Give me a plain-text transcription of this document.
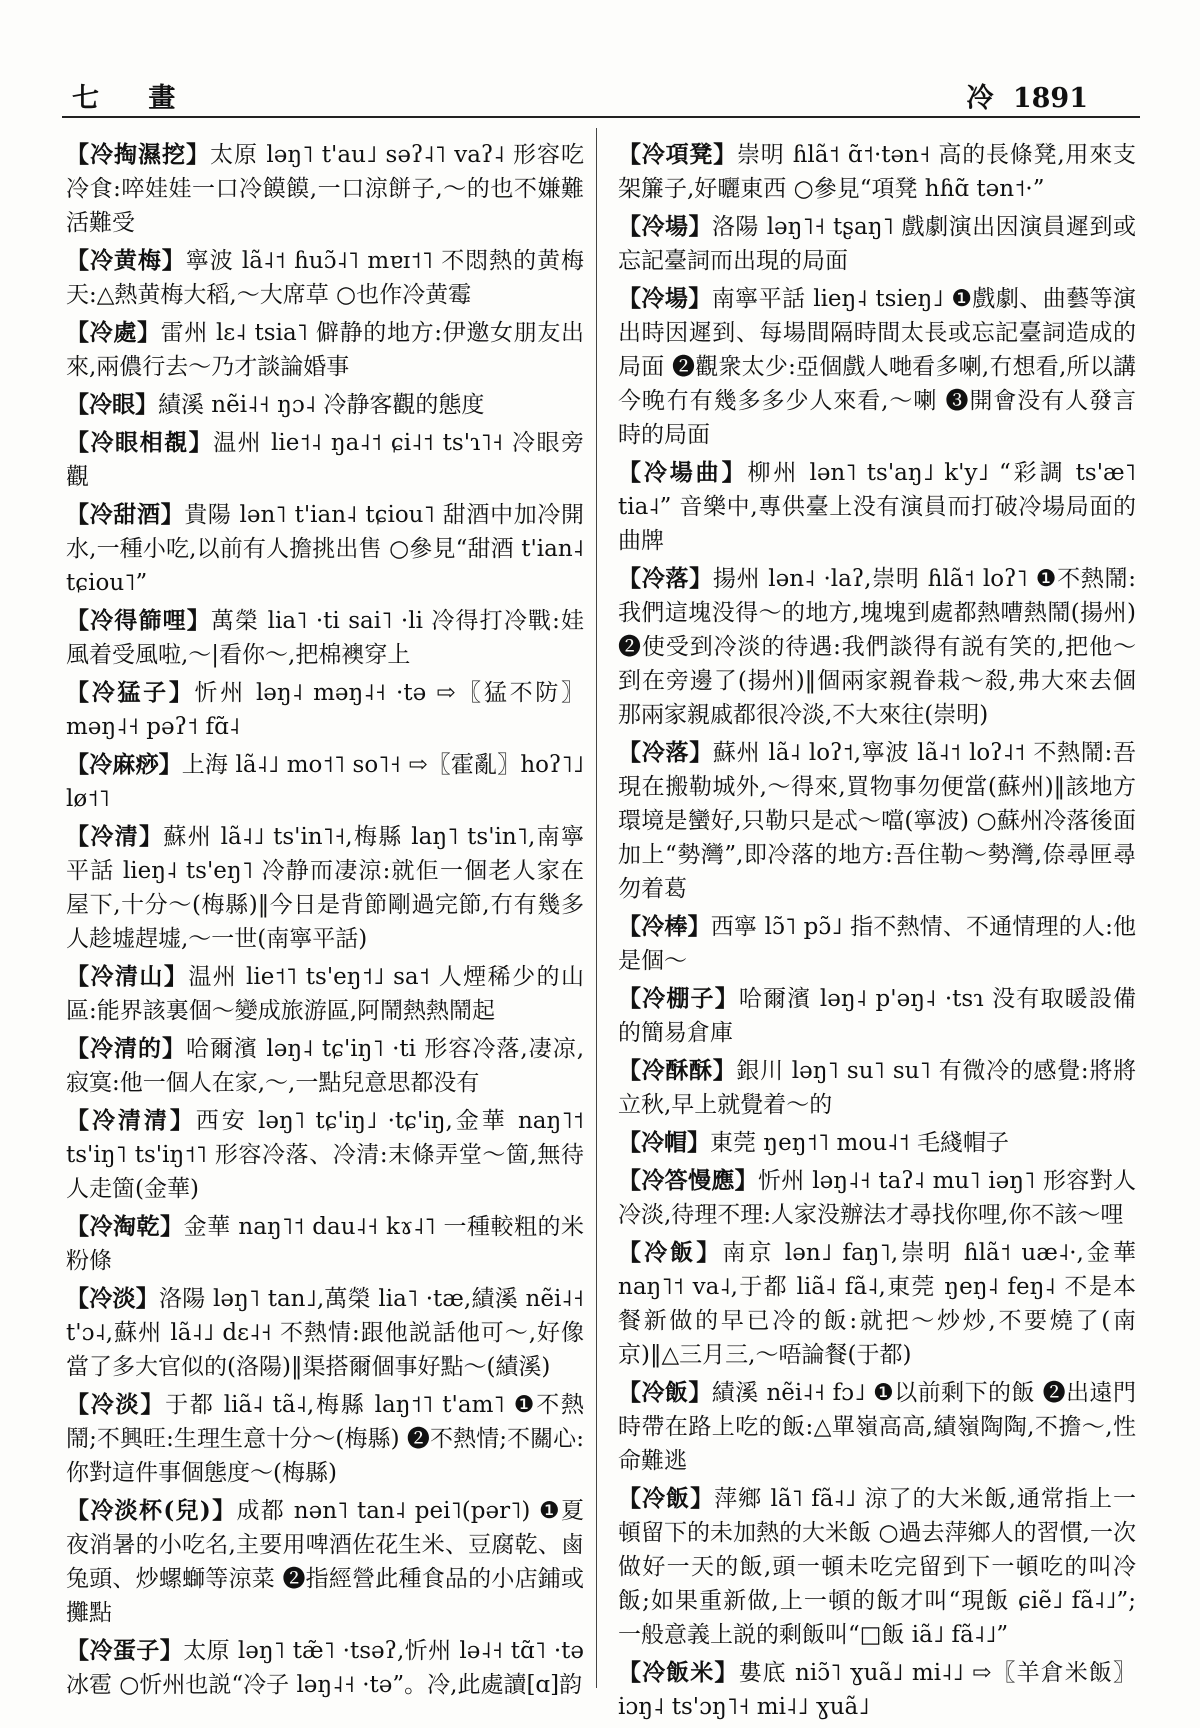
七 畫	冷 1891

【冷掏濕挖】太原 ləŋ˥ t'au˩ səʔ˨˥ vaʔ˨ 形容吃冷食:啐娃娃一口冷饃饃,一口涼餅子,～的也不嫌難活難受

【冷黄梅】寧波 lã˨˦ ɦuɔ̃˨˥ mɐɪ˦˥ 不悶熱的黄梅天:△熱黄梅大稻,～大席草 ○也作冷黄霉

【冷處】雷州 lɛ˨ tsia˥ 僻静的地方:伊邀女朋友出來,兩儂行去～乃才談論婚事

【冷眼】績溪 nẽi˨˧ ŋɔ˨ 冷静客觀的態度

【冷眼相覩】温州 lie˦˨ ŋa˨˦ ɕi˨˦ ts'ɿ˥˧ 冷眼旁觀

【冷甜酒】貴陽 lən˥ t'ian˨ tɕiou˥ 甜酒中加冷開水,一種小吃,以前有人擔挑出售 ○參見“甜酒 t'ian˨ tɕiou˥”

【冷得篩哩】萬榮 lia˥ ·ti sai˥ ·li 冷得打冷戰:娃風着受風啦,～|看你～,把棉襖穿上

【冷猛子】忻州 ləŋ˨ məŋ˨˧ ·tə ⇨〖猛不防〗məŋ˨˧ pəʔ˦ fɑ̃˨

【冷麻痧】上海 lã˨˩ mo˦˥ so˥˧ ⇨〖霍亂〗hoʔ˥˩ lø˦˥

【冷清】蘇州 lã˨˩ ts'in˥˧,梅縣 laŋ˥ ts'in˥,南寧平話 lieŋ˨ ts'eŋ˥ 冷静而凄涼:就佢一個老人家在屋下,十分～(梅縣)‖今日是背節剛過完節,冇有幾多人趁墟趕墟,～一世(南寧平話)

【冷清山】温州 lie˦˥ ts'eŋ˦˩ sa˦ 人煙稀少的山區:能界該裏個～變成旅游區,阿鬧熱熱鬧起

【冷清的】哈爾濱 ləŋ˨ tɕ'iŋ˥ ·ti 形容冷落,凄凉,寂寞:他一個人在家,～,一點兒意思都没有

【冷清清】西安 ləŋ˥ tɕ'iŋ˩ ·tɕ'iŋ,金華 naŋ˥˦ ts'iŋ˥ ts'iŋ˦˥ 形容冷落、冷清:末條弄堂～箇,無待人走箇(金華)

【冷淘乾】金華 naŋ˥˦ dau˨˧ kɤ˨˥ 一種較粗的米粉條

【冷淡】洛陽 ləŋ˥ tan˩,萬榮 lia˥ ·tæ,績溪 nẽi˨˧ t'ɔ˨,蘇州 lã˨˩ dɛ˨˧ 不熱情:跟他説話他可～,好像當了多大官似的(洛陽)‖渠搭爾個事好點～(績溪)

【冷淡】于都 liã˨ tã˨,梅縣 laŋ˦˥ t'am˥ ❶不熱鬧;不興旺:生理生意十分～(梅縣) ❷不熱情;不關心:你對這件事個態度～(梅縣)

【冷淡杯(兒)】成都 nən˥ tan˨ pei˥(pər˥) ❶夏夜消暑的小吃名,主要用啤酒佐花生米、豆腐乾、鹵兔頭、炒螺螄等涼菜 ❷指經營此種食品的小店鋪或攤點

【冷蛋子】太原 ləŋ˥ tæ̃˥ ·tsəʔ,忻州 lə˨˧ tɑ̃˥ ·tə 冰雹 ○忻州也説“冷子 ləŋ˨˧ ·tə”。冷,此處讀[ɑ]韵

【冷項凳】崇明 ɦlã˦ ɑ̃˦·tən˧ 高的長條凳,用來支架簾子,好曬東西 ○參見“項凳 hɦɑ̃ tən˦·”

【冷場】洛陽 ləŋ˥˧ tʂaŋ˥ 戲劇演出因演員遲到或忘記臺詞而出現的局面

【冷場】南寧平話 lieŋ˨ tsieŋ˩ ❶戲劇、曲藝等演出時因遲到、每場間隔時間太長或忘記臺詞造成的局面 ❷觀衆太少:亞個戲人哋看多喇,冇想看,所以講今晚冇有幾多多少人來看,～喇 ❸開會没有人發言時的局面

【冷場曲】柳州 lən˥ ts'aŋ˩ k'y˩ “彩調 ts'æ˥ tia˨” 音樂中,專供臺上没有演員而打破冷場局面的曲牌

【冷落】揚州 lən˨ ·laʔ,崇明 ɦlã˦ loʔ˥ ❶不熱鬧:我們這塊没得～的地方,塊塊到處都熱嘈熱鬧(揚州) ❷使受到冷淡的待遇:我們談得有説有笑的,把他～到在旁邊了(揚州)‖個兩家親眷栽～殺,弗大來去個那兩家親戚都很冷淡,不大來往(崇明)

【冷落】蘇州 lã˨ loʔ˦,寧波 lã˨˦ loʔ˨˦ 不熱鬧:吾現在搬勒城外,～得來,買物事勿便當(蘇州)‖該地方環境是蠻好,只勒只是忒～噹(寧波) ○蘇州冷落後面加上“勢灣”,即冷落的地方:吾住勒～勢灣,倷尋匣尋勿着葛

【冷棒】西寧 lɔ̃˥ pɔ̃˩ 指不熱情、不通情理的人:他是個～

【冷棚子】哈爾濱 ləŋ˨ p'əŋ˨ ·tsɿ 没有取暖設備的簡易倉庫

【冷酥酥】銀川 ləŋ˥ su˥ su˥ 有微冷的感覺:將將立秋,早上就覺着～的

【冷帽】東莞 ŋeŋ˦˥ mou˨˦ 毛綫帽子

【冷答慢應】忻州 ləŋ˨˧ taʔ˨ mu˥ iəŋ˥ 形容對人冷淡,待理不理:人家没辦法才尋找你哩,你不該～哩

【冷飯】南京 lən˩ faŋ˥,崇明 ɦlã˦ uæ˨·,金華 naŋ˥˦ va˨,于都 liã˨ fã˨,東莞 ŋeŋ˨ feŋ˨ 不是本餐新做的早已冷的飯:就把～炒炒,不要燒了(南京)‖△三月三,～唔論餐(于都)

【冷飯】績溪 nẽi˨˧ fɔ˩ ❶以前剩下的飯 ❷出遠門時帶在路上吃的飯:△單嶺高高,績嶺陶陶,不擔～,性命難逃

【冷飯】萍鄉 lã˥ fã˨˩ 涼了的大米飯,通常指上一頓留下的未加熱的大米飯 ○過去萍鄉人的習慣,一次做好一天的飯,頭一頓未吃完留到下一頓吃的叫冷飯;如果重新做,上一頓的飯才叫“現飯 ɕiẽ˩ fã˨˩”;一般意義上説的剩飯叫“□飯 iã˩ fã˨˩”

【冷飯米】婁底 niɔ̃˥ ɣuã˩ mi˨˩ ⇨〖羊倉米飯〗iɔŋ˨ ts'ɔŋ˥˧ mi˨˩ ɣuã˩
